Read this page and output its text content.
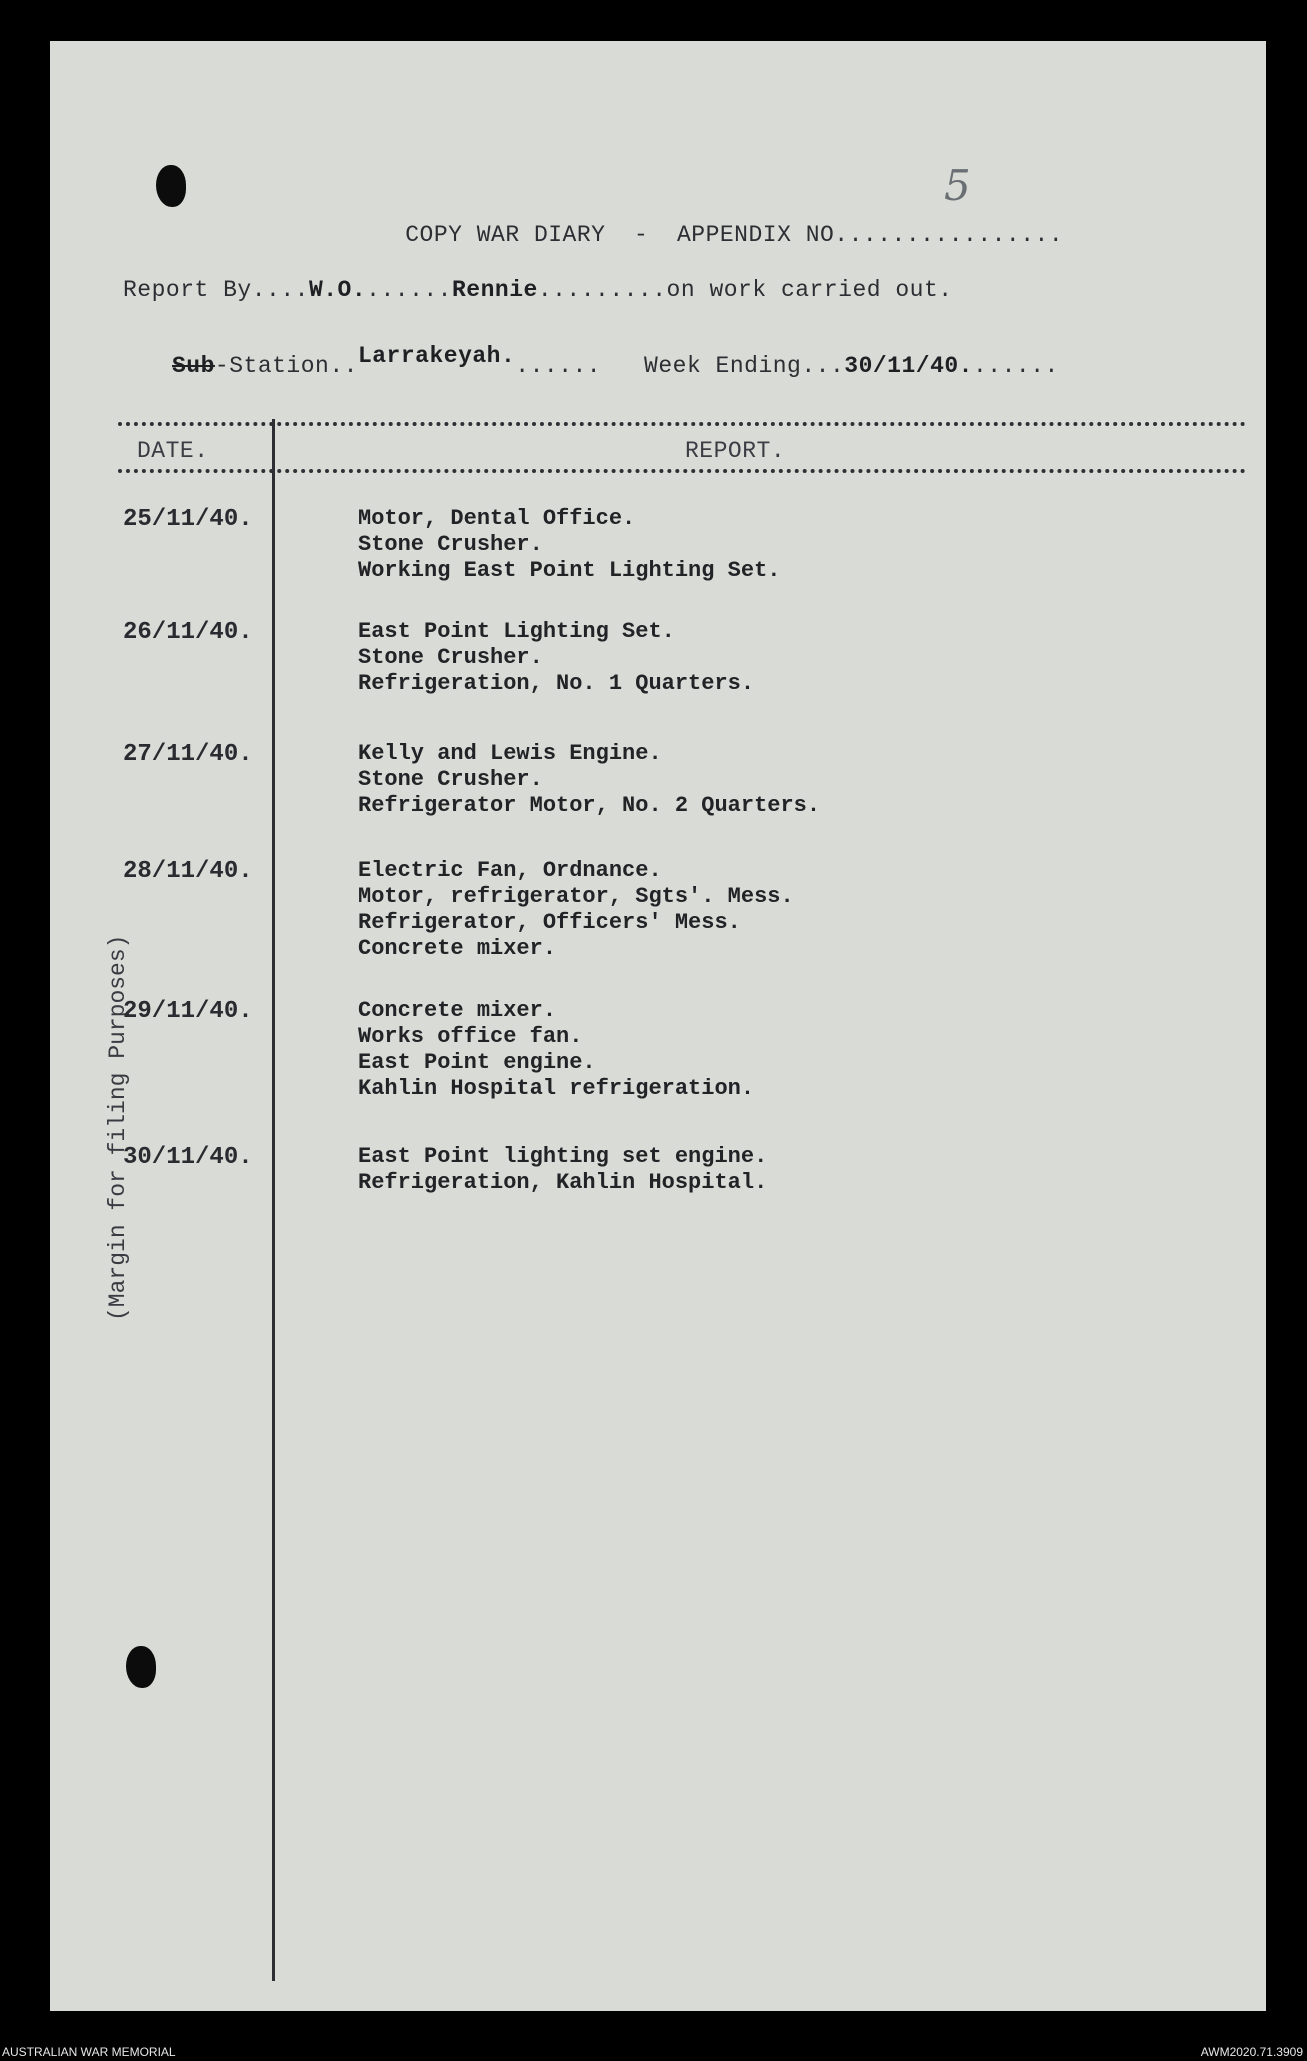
COPY WAR DIARY  -  APPENDIX NO................

5
Report By....W.O.......Rennie.........on work carried out.
Sub-Station..Larrakeyah....... Week Ending...30/11/40.......
DATE.	REPORT.
(Margin for filing Purposes)
25/11/40.	Motor, Dental Office.
Stone Crusher.
Working East Point Lighting Set.
26/11/40.	East Point Lighting Set.
Stone Crusher.
Refrigeration, No. 1 Quarters.
27/11/40.	Kelly and Lewis Engine.
Stone Crusher.
Refrigerator Motor, No. 2 Quarters.
28/11/40.	Electric Fan, Ordnance.
Motor, refrigerator, Sgts'. Mess.
Refrigerator, Officers' Mess.
Concrete mixer.
29/11/40.	Concrete mixer.
Works office fan.
East Point engine.
Kahlin Hospital refrigeration.
30/11/40.	East Point lighting set engine.
Refrigeration, Kahlin Hospital.
AUSTRALIAN WAR MEMORIAL	AWM2020.71.3909
